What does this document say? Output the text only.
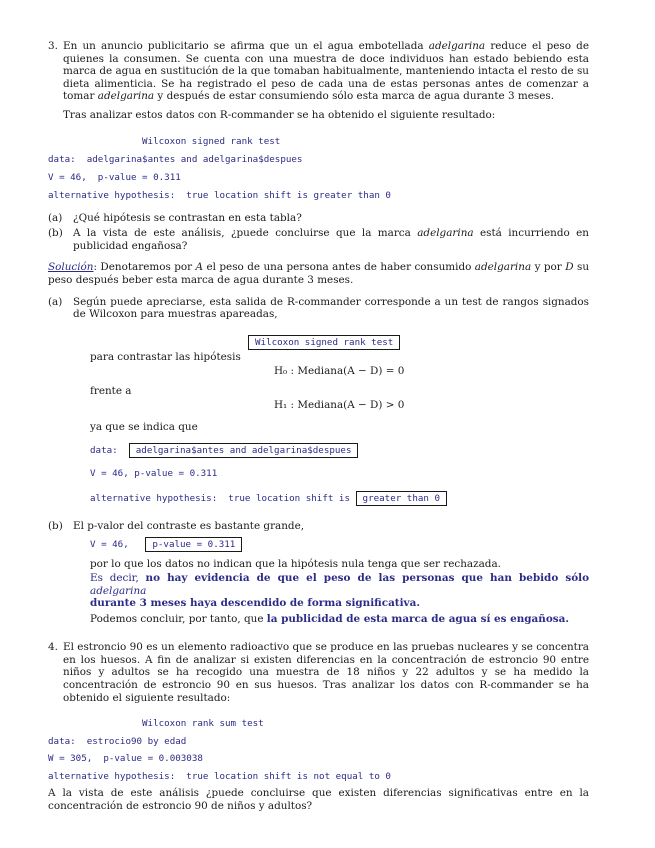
3. En un anuncio publicitario se afirma que un el agua embotellada adelgarina reduce el peso de quienes la consumen. Se cuenta con una muestra de doce individuos han estado bebiendo esta marca de agua en sustitución de la que tomaban habitualmente, manteniendo intacta el resto de su dieta alimenticia. Se ha registrado el peso de cada una de estas personas antes de comenzar a tomar adelgarina y después de estar consumiendo sólo esta marca de agua durante 3 meses.

Tras analizar estos datos con R-commander se ha obtenido el siguiente resultado:

Wilcoxon signed rank test
data:  adelgarina$antes and adelgarina$despues
V = 46,  p-value = 0.311
alternative hypothesis:  true location shift is greater than 0
(a) ¿Qué hipótesis se contrastan en esta tabla?
(b) A la vista de este análisis, ¿puede concluirse que la marca adelgarina está incurriendo en publicidad engañosa?

Solución: Denotaremos por A el peso de una persona antes de haber consumido adelgarina y por D su peso después beber esta marca de agua durante 3 meses.

(a) Según puede apreciarse, esta salida de R-commander corresponde a un test de rangos signados de Wilcoxon para muestras apareadas,
Wilcoxon signed rank test
para contrastar las hipótesis
H₀ : Mediana(A − D) = 0
frente a
H₁ : Mediana(A − D) > 0
ya que se indica que
data: adelgarina$antes and adelgarina$despues
V = 46, p-value = 0.311
alternative hypothesis:  true location shift is greater than 0
(b) El p-valor del contraste es bastante grande,
V = 46,	p-value = 0.311

por lo que los datos no indican que la hipótesis nula tenga que ser rechazada.

Es decir, no hay evidencia de que el peso de las personas que han bebido sólo adelgarina
durante 3 meses haya descendido de forma significativa.

Podemos concluir, por tanto, que la publicidad de esta marca de agua sí es engañosa.

4. El estroncio 90 es un elemento radioactivo que se produce en las pruebas nucleares y se concentra en los huesos. A fin de analizar si existen diferencias en la concentración de estroncio 90 entre niños y adultos se ha recogido una muestra de 18 niños y 22 adultos y se ha medido la concentración de estroncio 90 en sus huesos. Tras analizar los datos con R-commander se ha obtenido el siguiente resultado:

Wilcoxon rank sum test
data:  estrocio90 by edad
W = 305,  p-value = 0.003038
alternative hypothesis:  true location shift is not equal to 0

A la vista de este análisis ¿puede concluirse que existen diferencias significativas entre en la concentración de estroncio 90 de niños y adultos?
